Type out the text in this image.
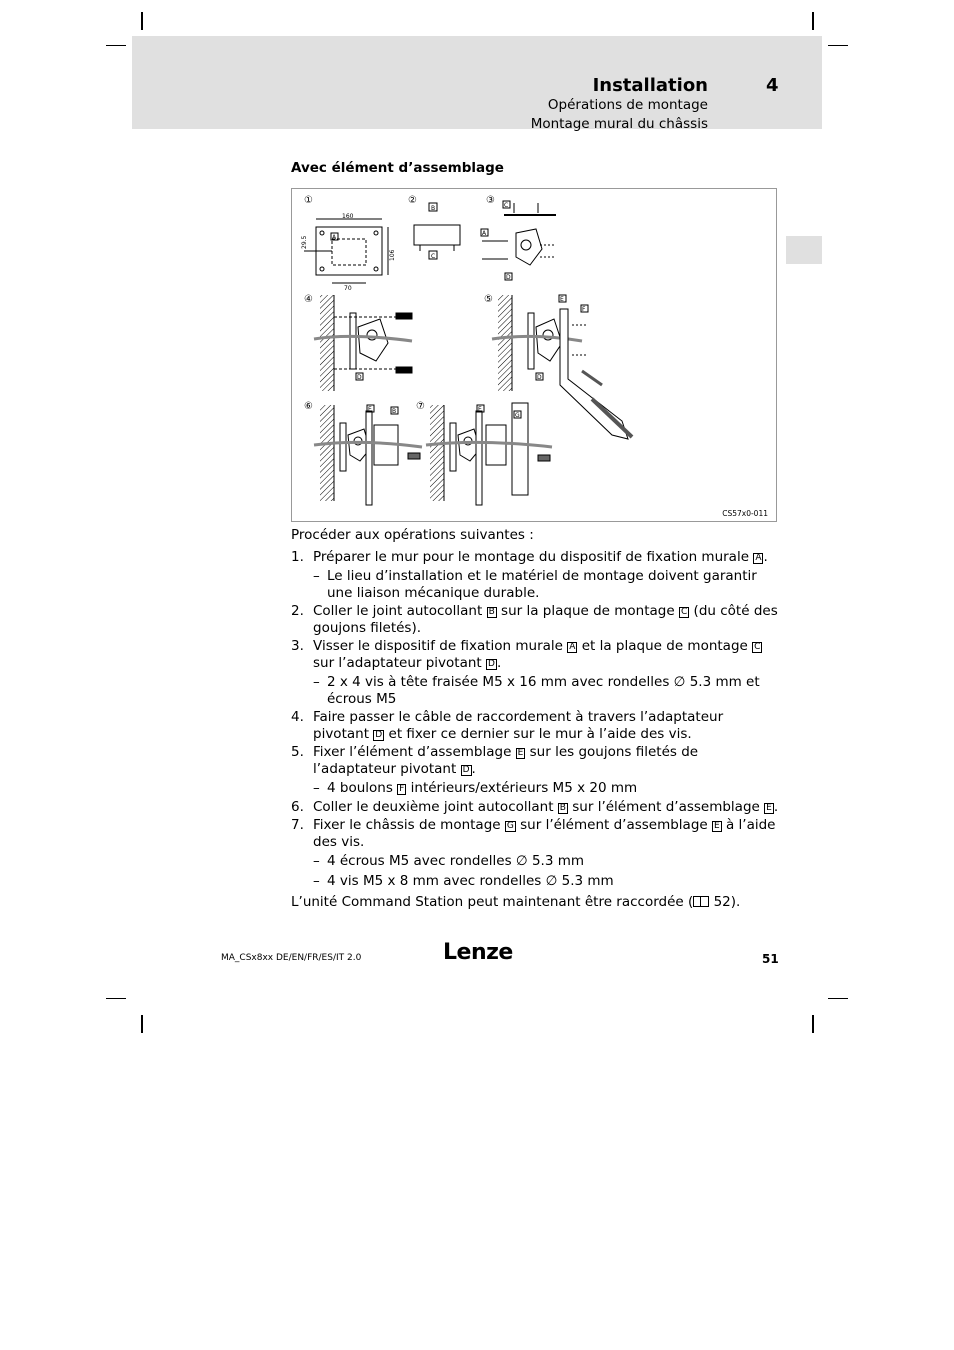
Installation	4
Opérations de montage
Montage mural du châssis
Avec élément d’assemblage
①	②	③
④	⑤
⑥	⑦
160
29.5
106
70
A
B
C
C
A
D
D
E
F
D
E	B	E
G
CS57x0-011
Procéder aux opérations suivantes :
1. Préparer le mur pour le montage du dispositif de fixation murale A .
– Le lieu d’installation et le matériel de montage doivent garantir une liaison mécanique durable.
2. Coller le joint autocollant B sur la plaque de montage C (du côté des goujons filetés).
3. Visser le dispositif de fixation murale A et la plaque de montage C sur l’adaptateur pivotant D .
– 2 x 4 vis à tête fraisée M5 x 16 mm avec rondelles ∅ 5.3 mm et écrous M5
4. Faire passer le câble de raccordement à travers l’adaptateur pivotant D et fixer ce dernier sur le mur à l’aide des vis.
5. Fixer l’élément d’assemblage E sur les goujons filetés de l’adaptateur pivotant D .
– 4 boulons F intérieurs/extérieurs M5 x 20 mm
6. Coller le deuxième joint autocollant B sur l’élément d’assemblage E .
7. Fixer le châssis de montage G sur l’élément d’assemblage E à l’aide des vis.
– 4 écrous M5 avec rondelles ∅ 5.3 mm
– 4 vis M5 x 8 mm avec rondelles ∅ 5.3 mm
L’unité Command Station peut maintenant être raccordée ( 52).
MA_CSx8xx DE/EN/FR/ES/IT 2.0	Lenze	51
